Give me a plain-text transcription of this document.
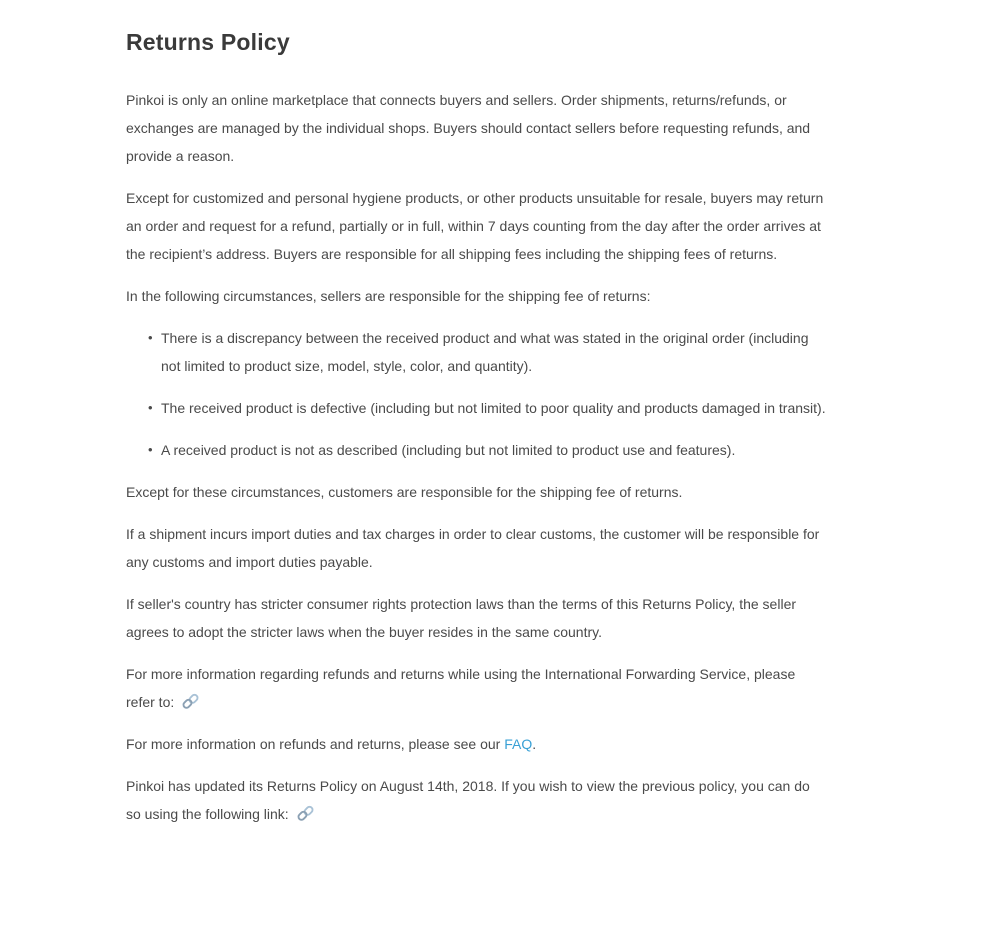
Returns Policy

Pinkoi is only an online marketplace that connects buyers and sellers. Order shipments, returns/refunds, or exchanges are managed by the individual shops. Buyers should contact sellers before requesting refunds, and provide a reason.

Except for customized and personal hygiene products, or other products unsuitable for resale, buyers may return an order and request for a refund, partially or in full, within 7 days counting from the day after the order arrives at the recipient’s address. Buyers are responsible for all shipping fees including the shipping fees of returns.

In the following circumstances, sellers are responsible for the shipping fee of returns:

• There is a discrepancy between the received product and what was stated in the original order (including not limited to product size, model, style, color, and quantity).
• The received product is defective (including but not limited to poor quality and products damaged in transit).
• A received product is not as described (including but not limited to product use and features).

Except for these circumstances, customers are responsible for the shipping fee of returns.

If a shipment incurs import duties and tax charges in order to clear customs, the customer will be responsible for any customs and import duties payable.

If seller's country has stricter consumer rights protection laws than the terms of this Returns Policy, the seller agrees to adopt the stricter laws when the buyer resides in the same country.

For more information regarding refunds and returns while using the International Forwarding Service, please refer to:

For more information on refunds and returns, please see our FAQ.

Pinkoi has updated its Returns Policy on August 14th, 2018. If you wish to view the previous policy, you can do so using the following link:
